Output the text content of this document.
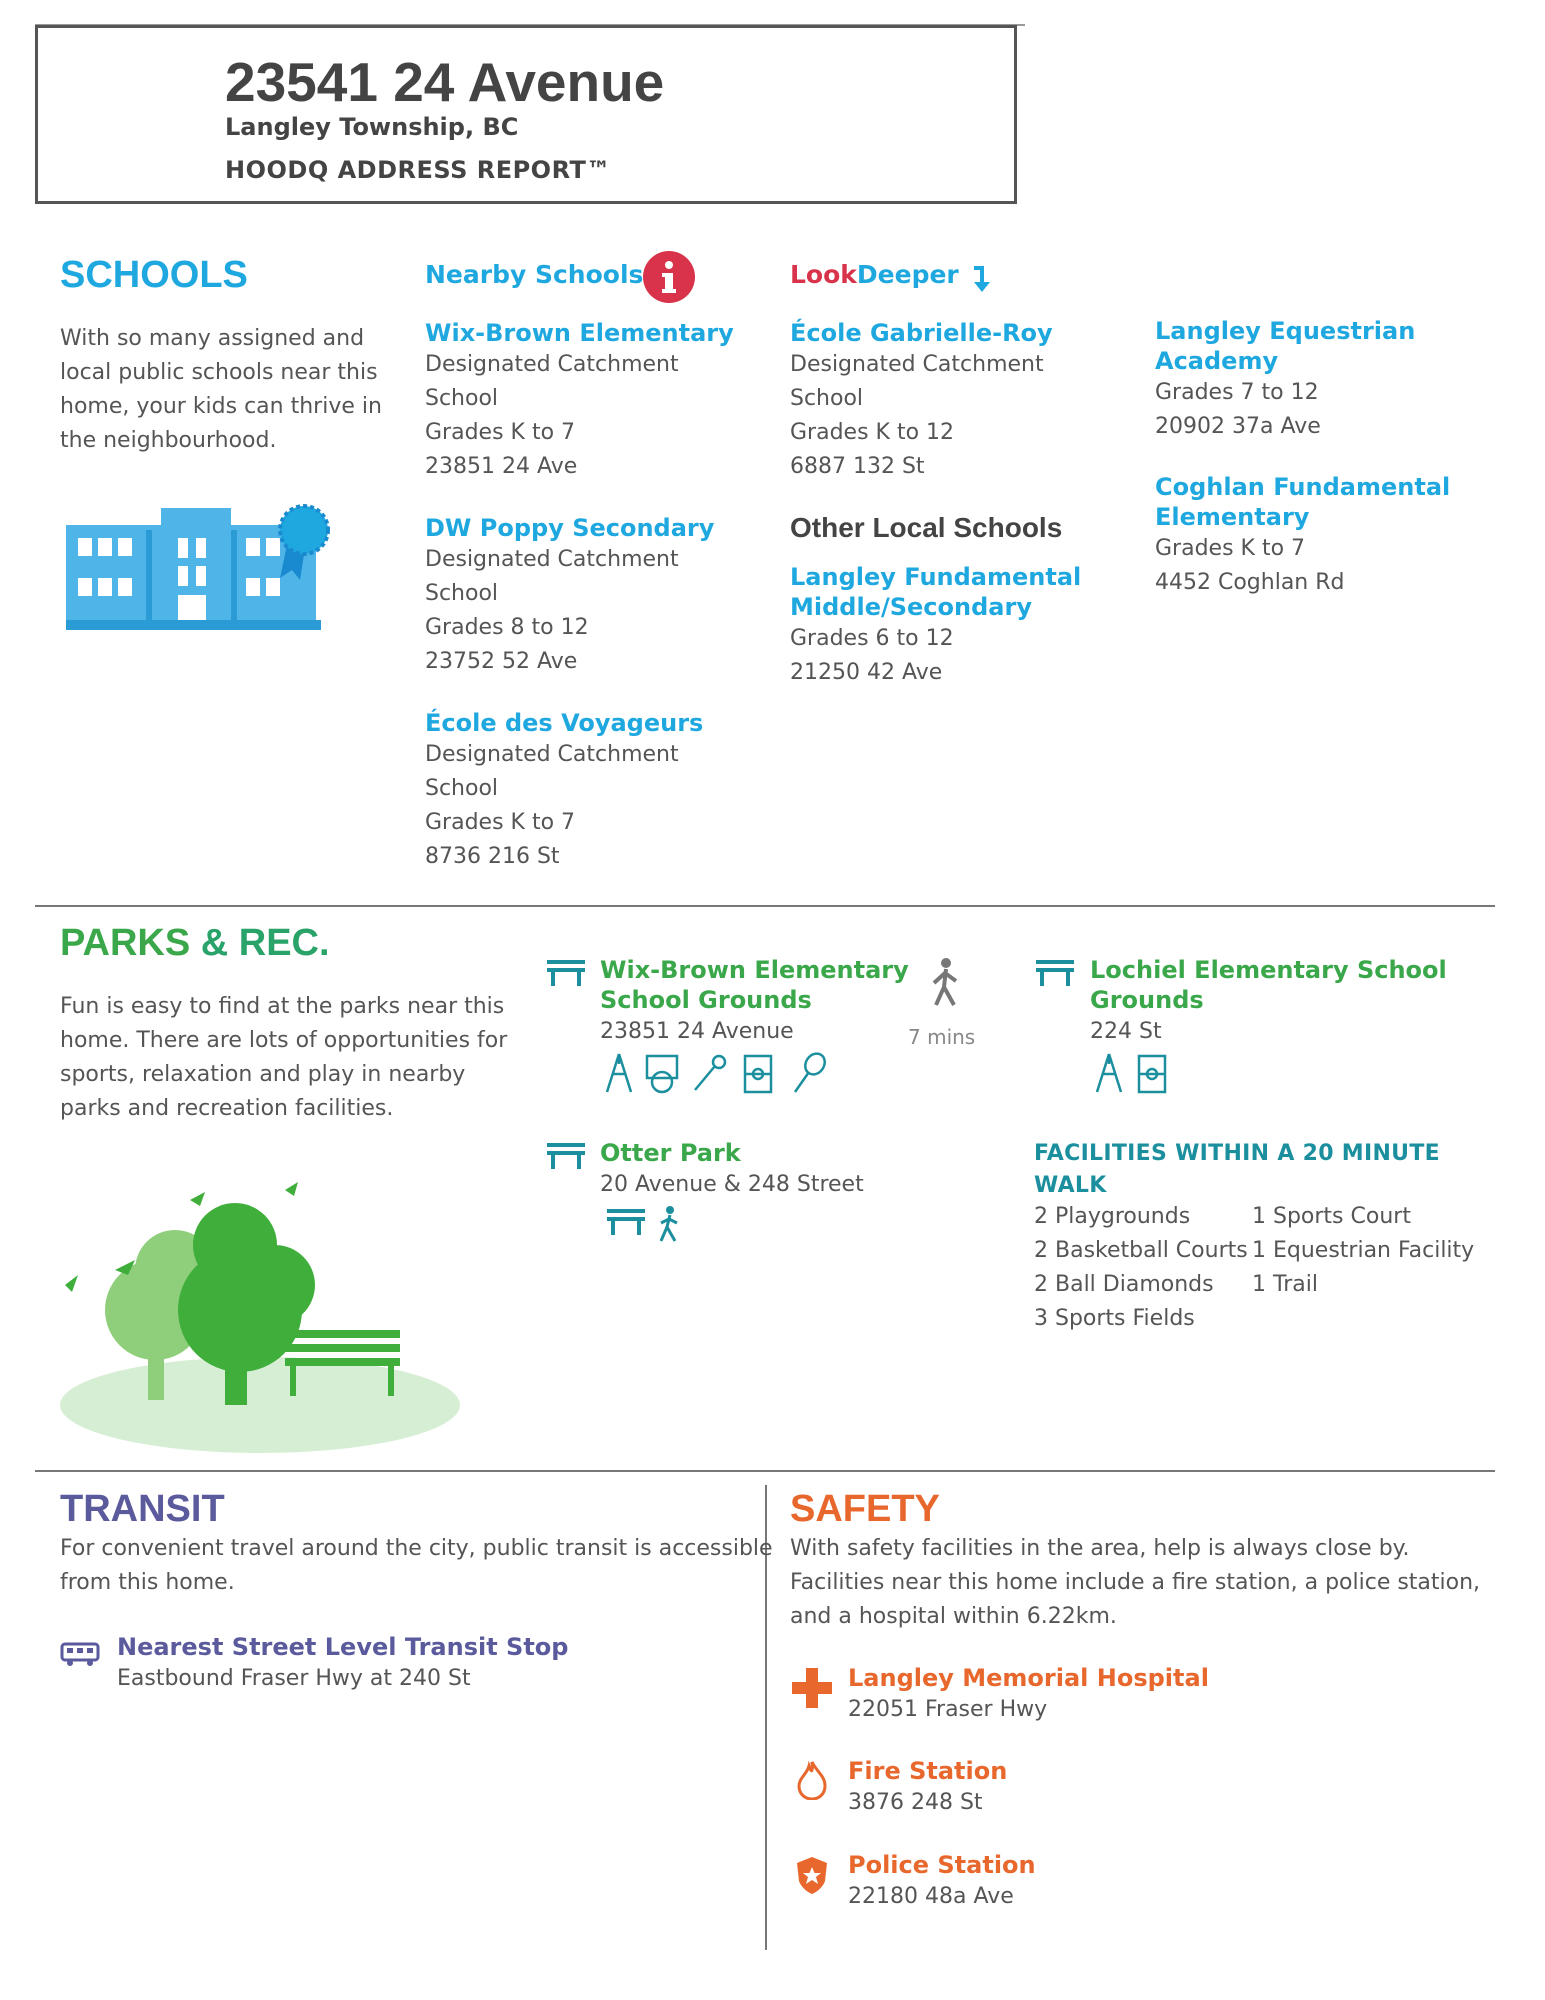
23541 24 Avenue
Langley Township, BC
HOODQ ADDRESS REPORT™
SCHOOLS
With so many assigned and
local public schools near this
home, your kids can thrive in
the neighbourhood.
Nearby Schools	LookDeeper
Wix-Brown Elementary
Designated Catchment
School
Grades K to 7
23851 24 Ave
DW Poppy Secondary
Designated Catchment
School
Grades 8 to 12
23752 52 Ave
École des Voyageurs
Designated Catchment
School
Grades K to 7
8736 216 St
École Gabrielle-Roy
Designated Catchment
School
Grades K to 12
6887 132 St
Other Local Schools
Langley Fundamental
Middle/Secondary
Grades 6 to 12
21250 42 Ave
Langley Equestrian
Academy
Grades 7 to 12
20902 37a Ave
Coghlan Fundamental
Elementary
Grades K to 7
4452 Coghlan Rd
PARKS & REC.
Fun is easy to find at the parks near this
home. There are lots of opportunities for
sports, relaxation and play in nearby
parks and recreation facilities.
Wix-Brown Elementary
School Grounds
23851 24 Avenue	7 mins
Lochiel Elementary School
Grounds
224 St
Otter Park
20 Avenue & 248 Street
FACILITIES WITHIN A 20 MINUTE
WALK
2 Playgrounds
2 Basketball Courts
2 Ball Diamonds
3 Sports Fields
1 Sports Court
1 Equestrian Facility
1 Trail
TRANSIT
For convenient travel around the city, public transit is accessible
from this home.
Nearest Street Level Transit Stop
Eastbound Fraser Hwy at 240 St
SAFETY
With safety facilities in the area, help is always close by.
Facilities near this home include a fire station, a police station,
and a hospital within 6.22km.
Langley Memorial Hospital
22051 Fraser Hwy
Fire Station
3876 248 St
Police Station
22180 48a Ave
